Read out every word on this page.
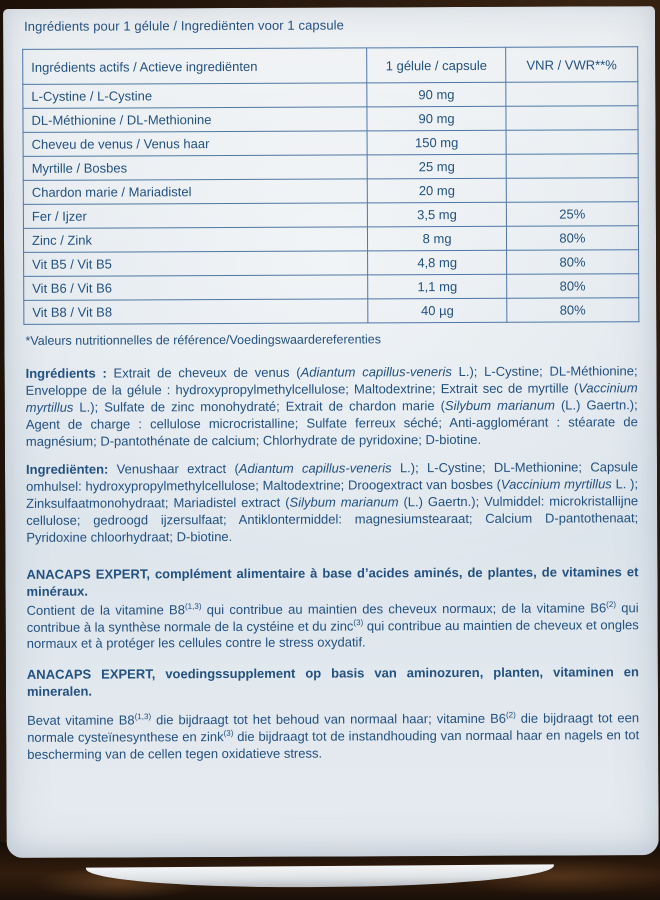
Ingrédients pour 1 gélule / Ingrediënten voor 1 capsule
Ingrédients actifs / Actieve ingrediënten	1 gélule / capsule	VNR / VWR**%
L-Cystine / L-Cystine	90 mg	
DL-Méthionine / DL-Methionine	90 mg	
Cheveu de venus / Venus haar	150 mg	
Myrtille / Bosbes	25 mg	
Chardon marie / Mariadistel	20 mg	
Fer / Ijzer	3,5 mg	25%
Zinc / Zink	8 mg	80%
Vit B5 / Vit B5	4,8 mg	80%
Vit B6 / Vit B6	1,1 mg	80%
Vit B8 / Vit B8	40 µg	80%
*Valeurs nutritionnelles de référence/Voedingswaardereferenties

Ingrédients : Extrait de cheveux de venus (Adiantum capillus-veneris L.); L-Cystine; DL-Méthionine; Enveloppe de la gélule : hydroxypropylmethylcellulose; Maltodextrine; Extrait sec de myrtille (Vaccinium myrtillus L.); Sulfate de zinc monohydraté; Extrait de chardon marie (Silybum marianum (L.) Gaertn.); Agent de charge : cellulose microcristalline; Sulfate ferreux séché; Anti-agglomérant : stéarate de magnésium; D-pantothénate de calcium; Chlorhydrate de pyridoxine; D-biotine.

Ingrediënten: Venushaar extract (Adiantum capillus-veneris L.); L-Cystine; DL-Methionine; Capsule omhulsel: hydroxypropylmethylcellulose; Maltodextrine; Droogextract van bosbes (Vaccinium myrtillus L. ); Zinksulfaatmonohydraat; Mariadistel extract (Silybum marianum (L.) Gaertn.); Vulmiddel: microkristallijne cellulose; gedroogd ijzersulfaat; Antiklontermiddel: magnesiumstearaat; Calcium D-pantothenaat; Pyridoxine chloorhydraat; D-biotine.

ANACAPS EXPERT, complément alimentaire à base d’acides aminés, de plantes, de vitamines et minéraux.

Contient de la vitamine B8$^{(1,3)}$ qui contribue au maintien des cheveux normaux; de la vitamine B6$^{(2)}$ qui contribue à la synthèse normale de la cystéine et du zinc$^{(3)}$ qui contribue au maintien de cheveux et ongles normaux et à protéger les cellules contre le stress oxydatif.

ANACAPS EXPERT, voedingssupplement op basis van aminozuren, planten, vitaminen en mineralen.

Bevat vitamine B8$^{(1,3)}$ die bijdraagt tot het behoud van normaal haar; vitamine B6$^{(2)}$ die bijdraagt tot een normale cysteïnesynthese en zink$^{(3)}$ die bijdraagt tot de instandhouding van normaal haar en nagels en tot bescherming van de cellen tegen oxidatieve stress.
